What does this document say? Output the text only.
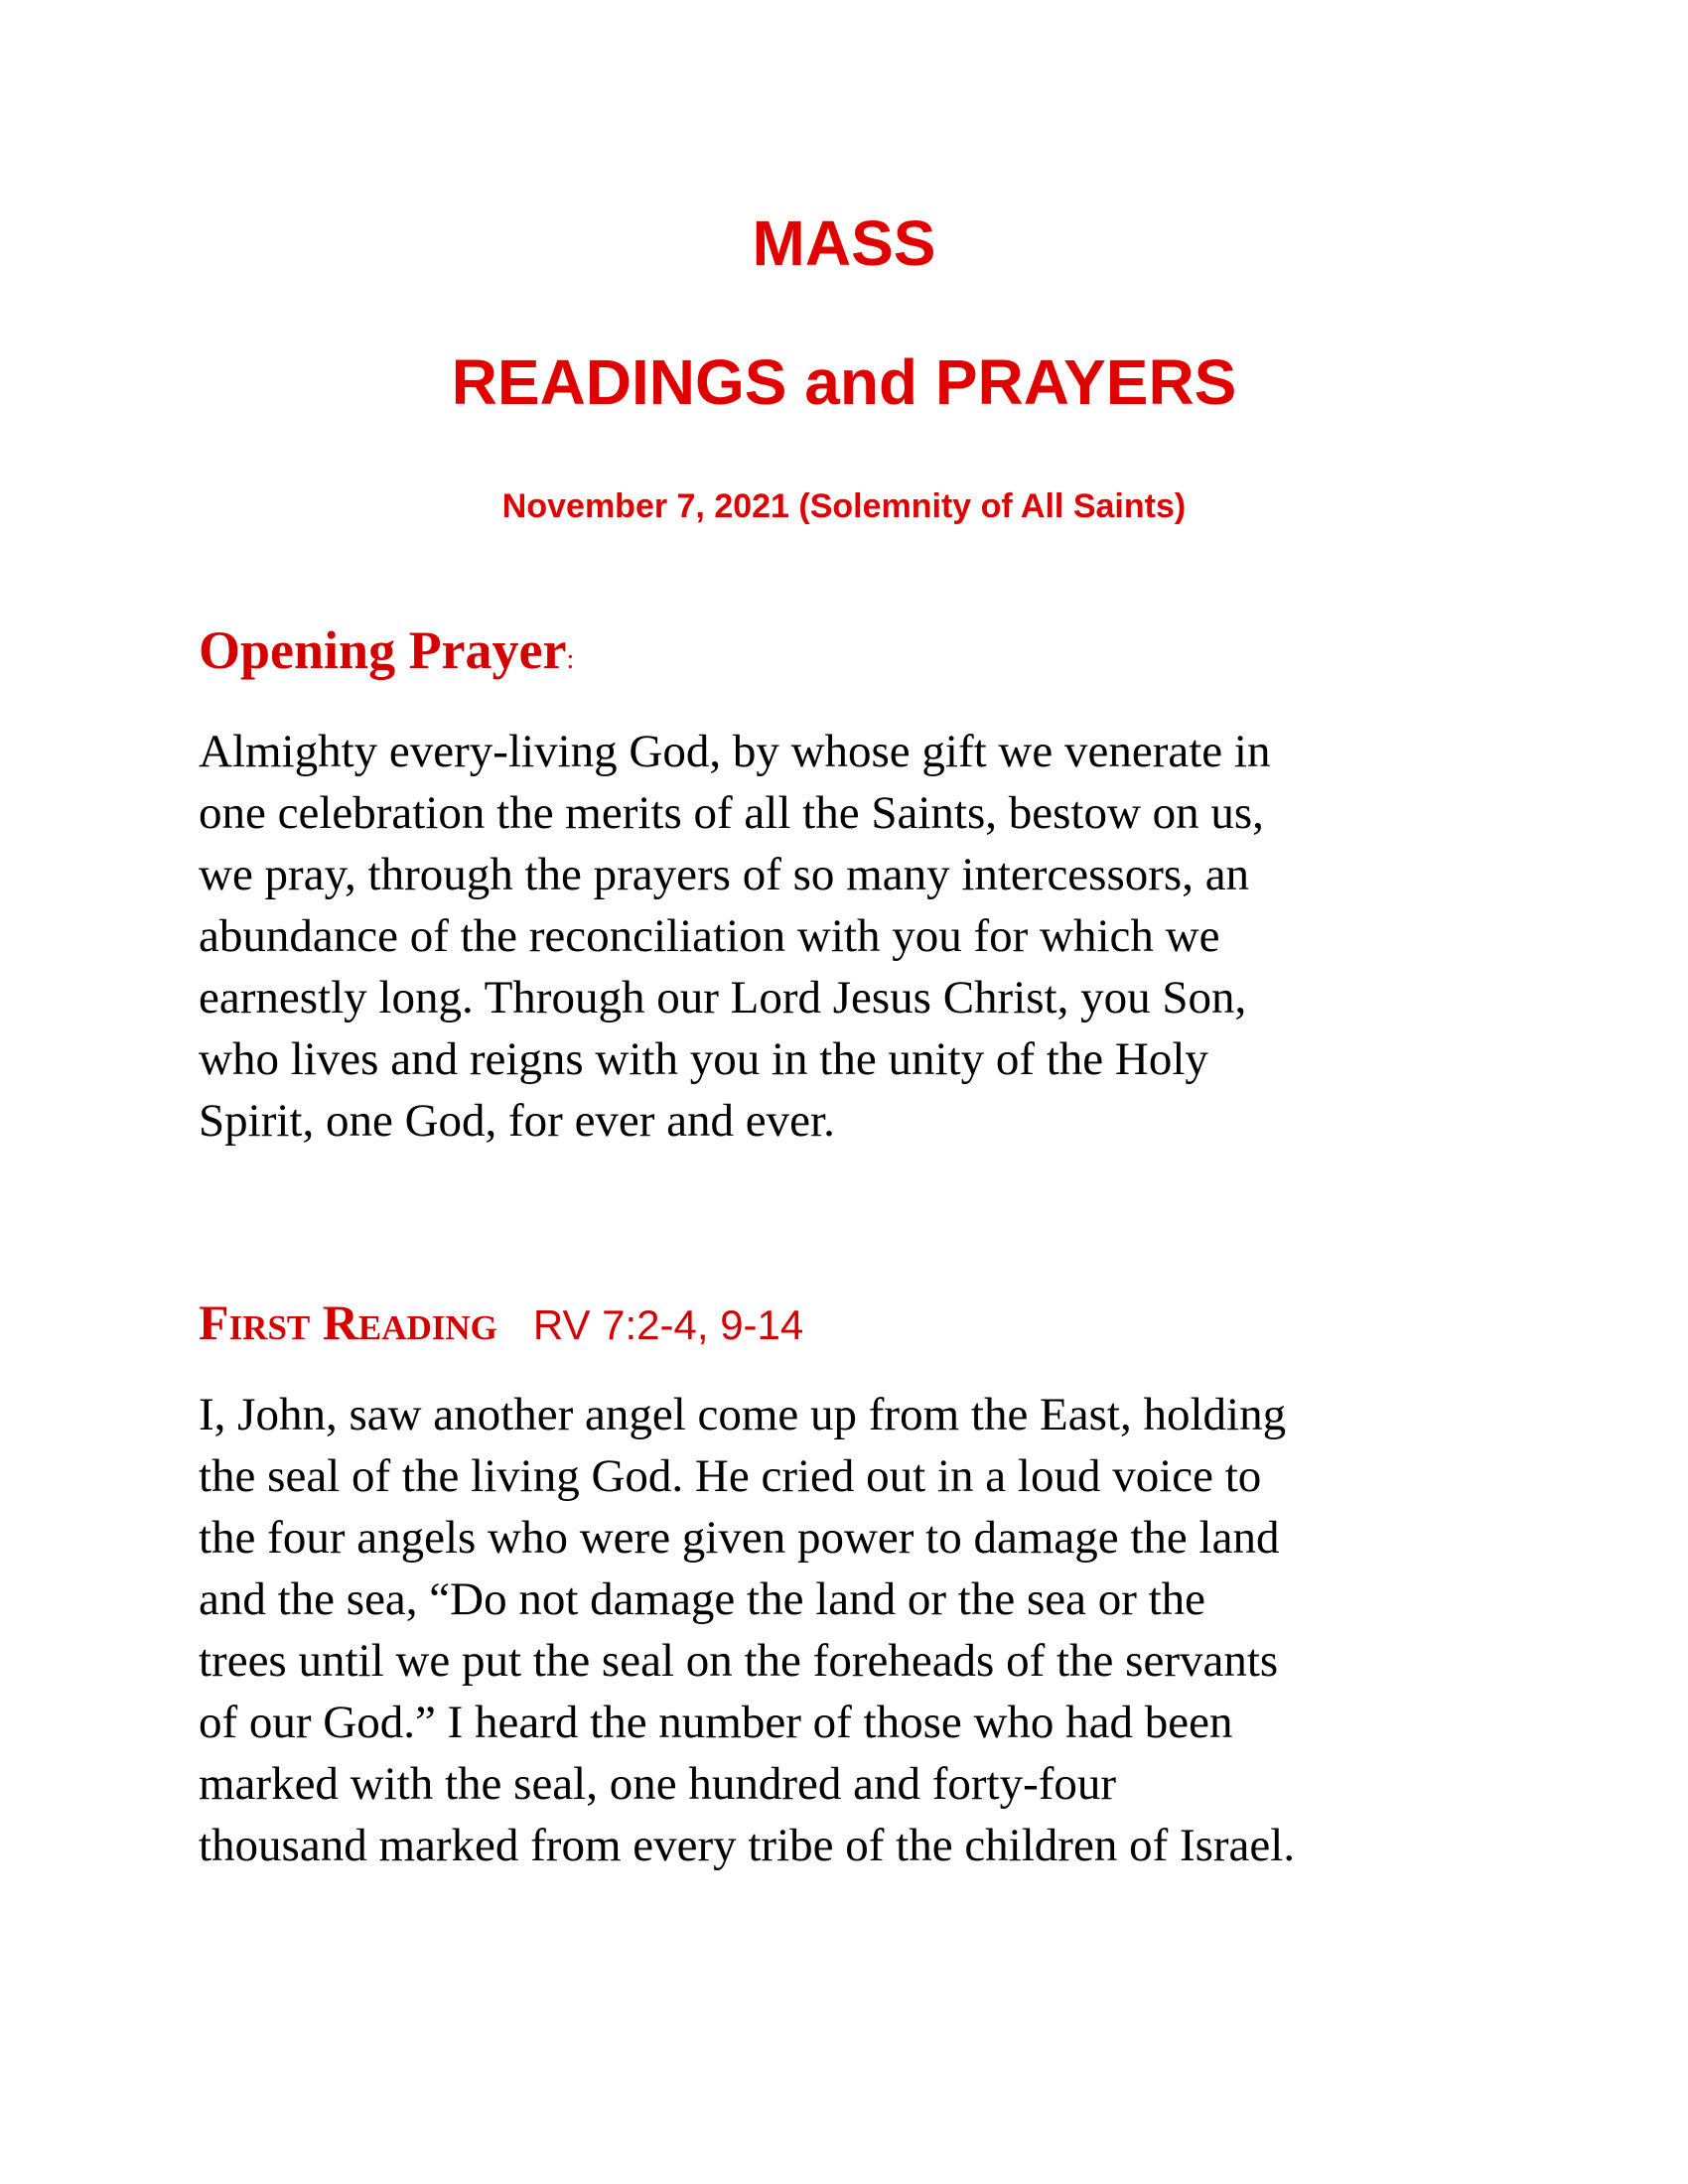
MASS
READINGS and PRAYERS
November 7, 2021 (Solemnity of All Saints)
Opening Prayer:
Almighty every-living God, by whose gift we venerate in
one celebration the merits of all the Saints, bestow on us,
we pray, through the prayers of so many intercessors, an
abundance of the reconciliation with you for which we
earnestly long. Through our Lord Jesus Christ, you Son,
who lives and reigns with you in the unity of the Holy
Spirit, one God, for ever and ever.
First Reading RV 7:2-4, 9-14
I, John, saw another angel come up from the East, holding
the seal of the living God. He cried out in a loud voice to
the four angels who were given power to damage the land
and the sea, “Do not damage the land or the sea or the
trees until we put the seal on the foreheads of the servants
of our God.” I heard the number of those who had been
marked with the seal, one hundred and forty-four
thousand marked from every tribe of the children of Israel.
